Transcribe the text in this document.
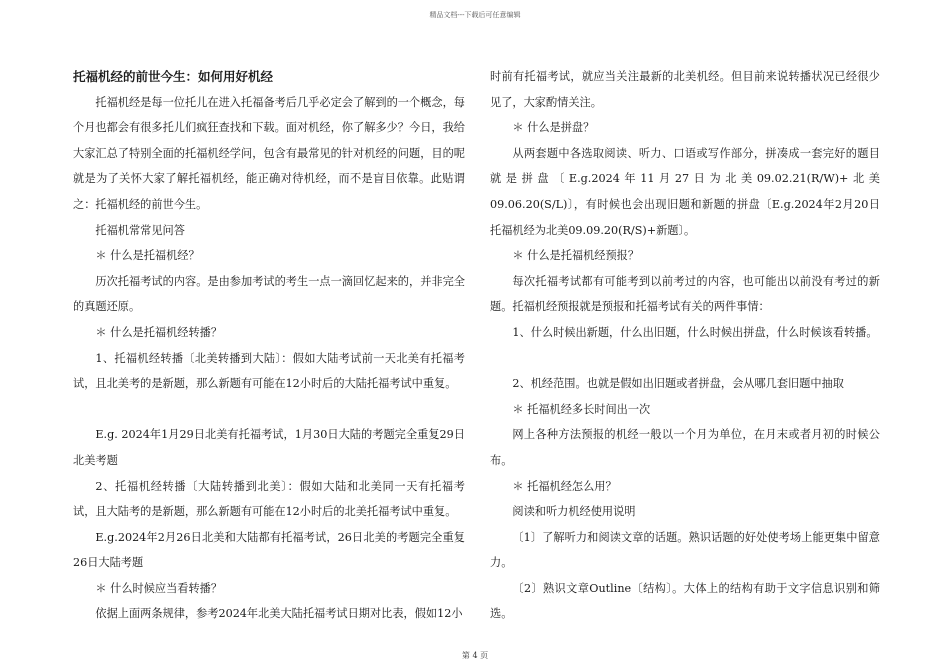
精品文档---下载后可任意编辑
托福机经的前世今生：如何用好机经

托福机经是每一位托儿在进入托福备考后几乎必定会了解到的一个概念，每个月也都会有很多托儿们疯狂查找和下载。面对机经，你了解多少？今日，我给大家汇总了特别全面的托福机经学问，包含有最常见的针对机经的问题，目的呢就是为了关怀大家了解托福机经，能正确对待机经，而不是盲目依靠。此贴谓之：托福机经的前世今生。

托福机常常见问答

＊ 什么是托福机经？

历次托福考试的内容。是由参加考试的考生一点一滴回忆起来的，并非完全的真题还原。

＊ 什么是托福机经转播？

1、托福机经转播〔北美转播到大陆〕：假如大陆考试前一天北美有托福考试，且北美考的是新题，那么新题有可能在12小时后的大陆托福考试中重复。

E.g. 2024年1月29日北美有托福考试，1月30日大陆的考题完全重复29日北美考题

2、托福机经转播〔大陆转播到北美〕：假如大陆和北美同一天有托福考试，且大陆考的是新题，那么新题有可能在12小时后的北美托福考试中重复。

E.g.2024年2月26日北美和大陆都有托福考试，26日北美的考题完全重复26日大陆考题

＊ 什么时候应当看转播？

依据上面两条规律，参考2024年北美大陆托福考试日期对比表，假如12小

时前有托福考试，就应当关注最新的北美机经。但目前来说转播状况已经很少见了，大家酌情关注。

＊ 什么是拼盘？

从两套题中各选取阅读、听力、口语或写作部分，拼凑成一套完好的题目就是拼盘〔E.g.2024年11月27日为北美09.02.21(R/W)+北美09.06.20(S/L)〕，有时候也会出现旧题和新题的拼盘〔E.g.2024年2月20日托福机经为北美09.09.20(R/S)+新题〕。

＊ 什么是托福机经预报？

每次托福考试都有可能考到以前考过的内容，也可能出以前没有考过的新题。托福机经预报就是预报和托福考试有关的两件事情：

1、什么时候出新题，什么出旧题，什么时候出拼盘，什么时候该看转播。

2、机经范围。也就是假如出旧题或者拼盘，会从哪几套旧题中抽取

＊ 托福机经多长时间出一次

网上各种方法预报的机经一般以一个月为单位，在月末或者月初的时候公布。

＊ 托福机经怎么用？

阅读和听力机经使用说明

〔1〕了解听力和阅读文章的话题。熟识话题的好处使考场上能更集中留意力。

〔2〕熟识文章Outline〔结构〕。大体上的结构有助于文字信息识别和筛选。

第 4 页
